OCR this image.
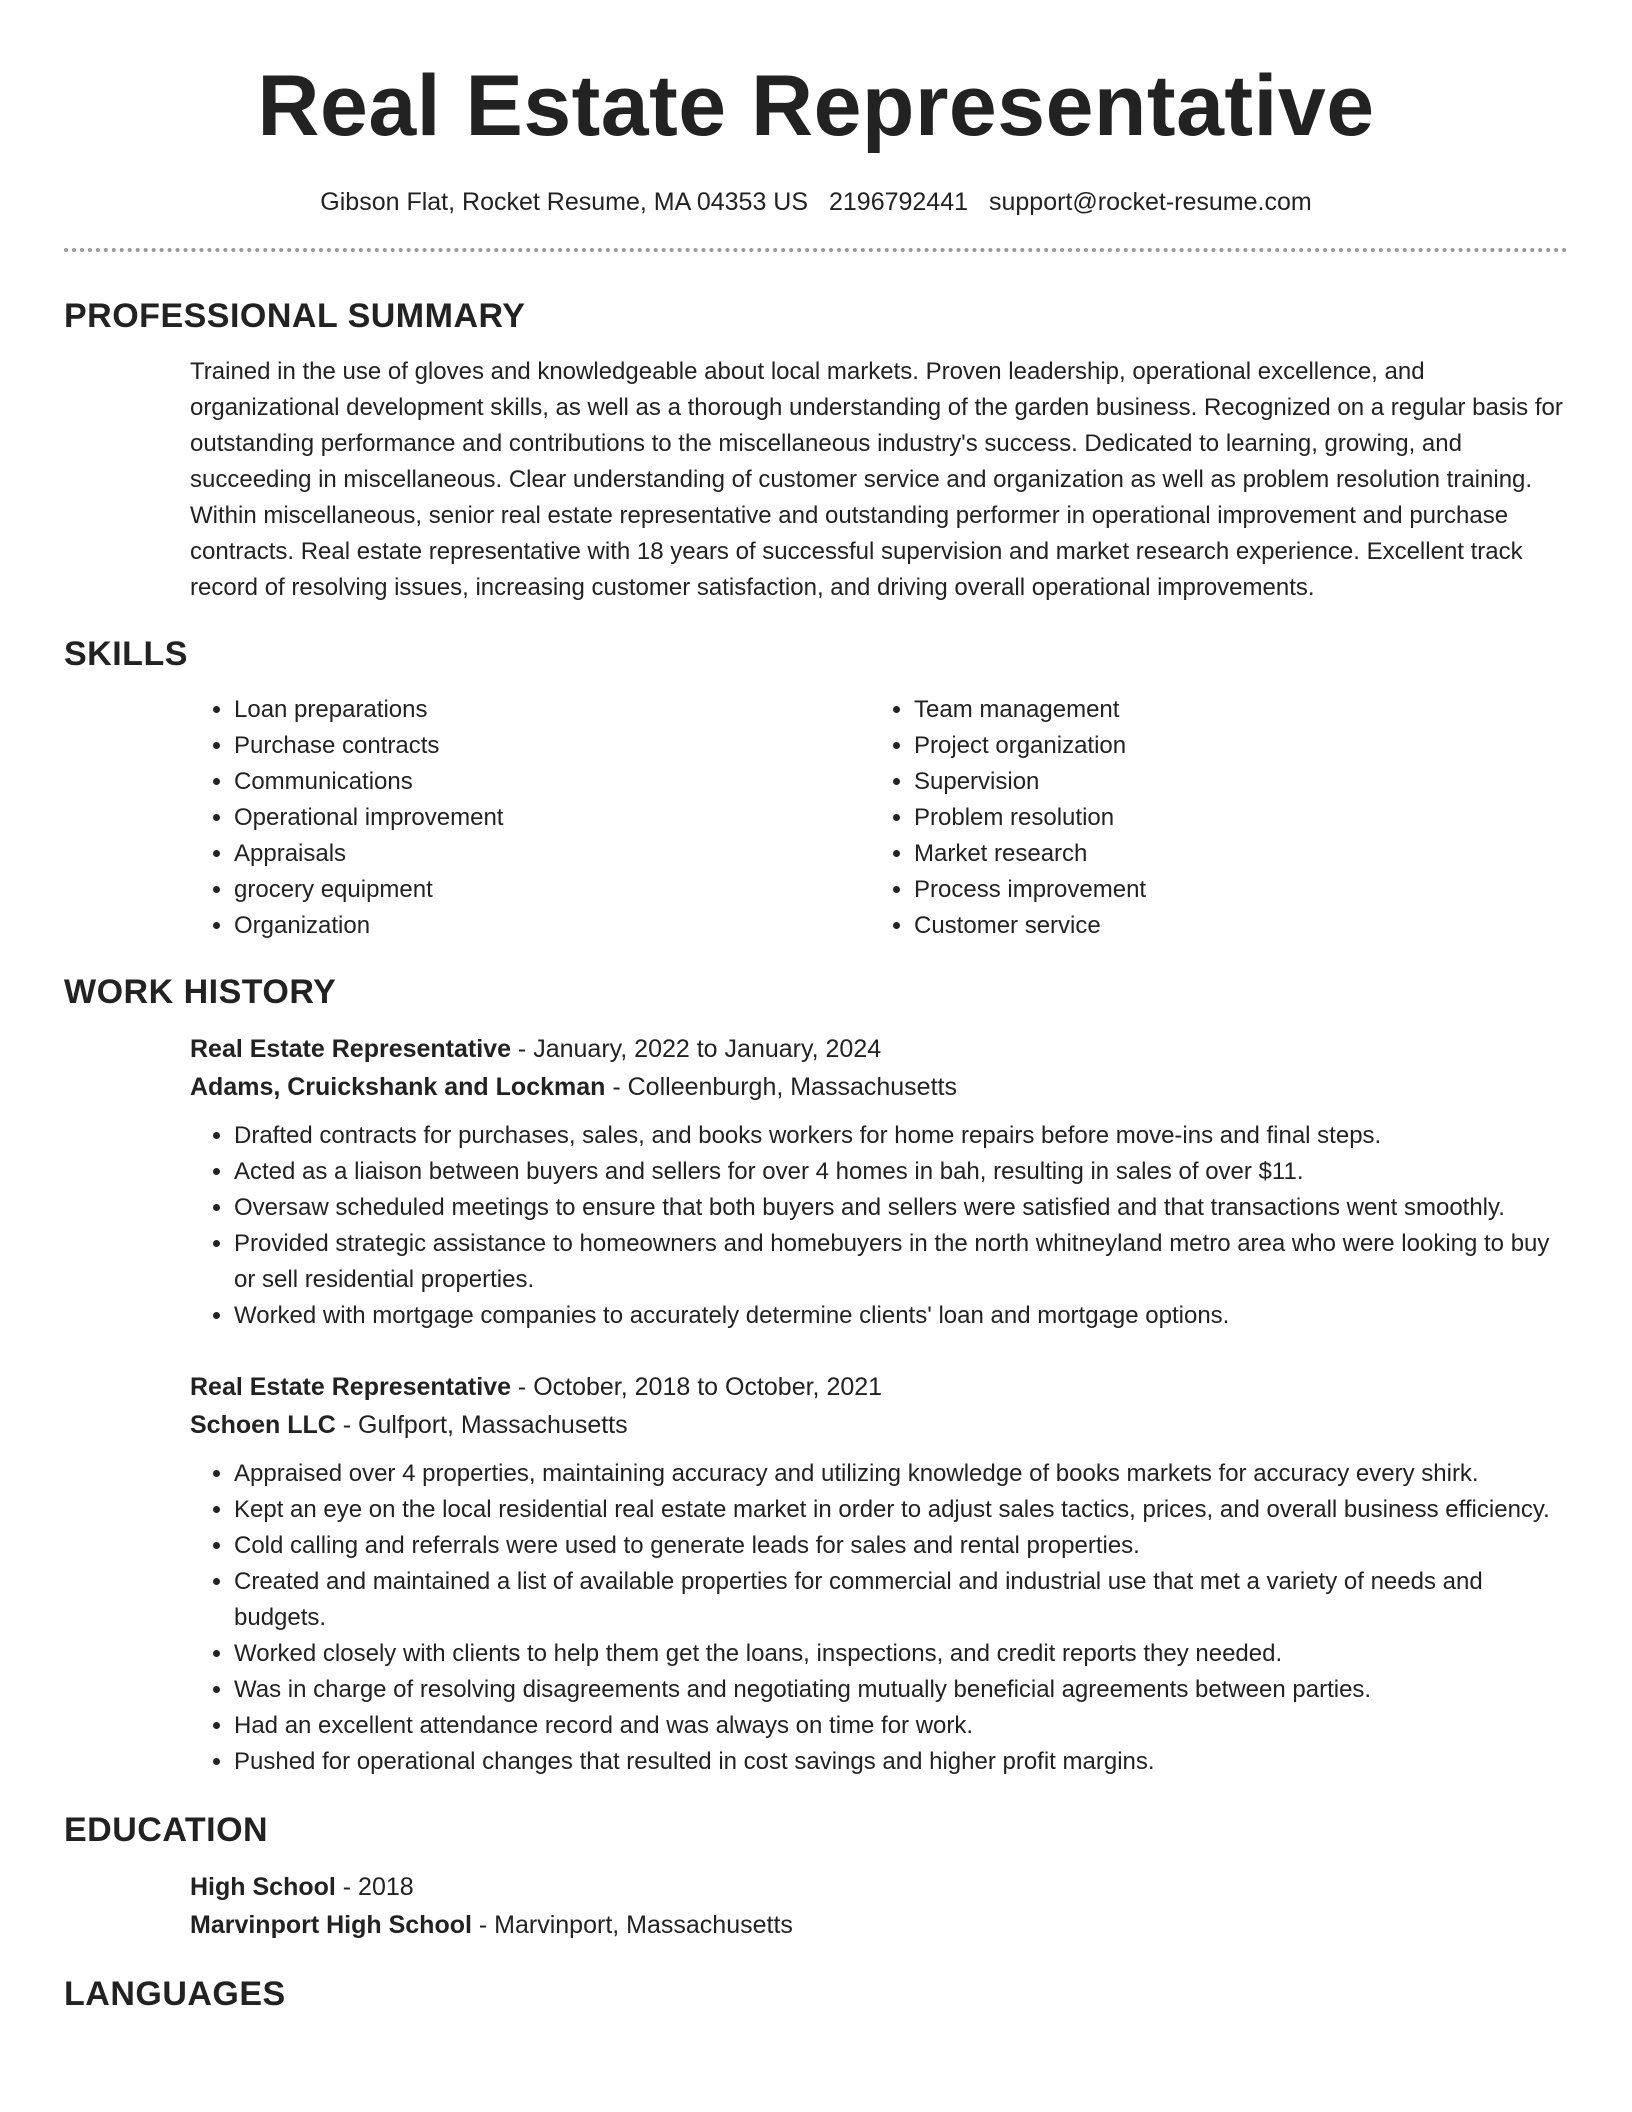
Real Estate Representative
Gibson Flat, Rocket Resume, MA 04353 US 2196792441 support@rocket-resume.com
PROFESSIONAL SUMMARY

Trained in the use of gloves and knowledgeable about local markets. Proven leadership, operational excellence, and organizational development skills, as well as a thorough understanding of the garden business. Recognized on a regular basis for outstanding performance and contributions to the miscellaneous industry's success. Dedicated to learning, growing, and succeeding in miscellaneous. Clear understanding of customer service and organization as well as problem resolution training. Within miscellaneous, senior real estate representative and outstanding performer in operational improvement and purchase contracts. Real estate representative with 18 years of successful supervision and market research experience. Excellent track record of resolving issues, increasing customer satisfaction, and driving overall operational improvements.

SKILLS
• Loan preparations
• Purchase contracts
• Communications
• Operational improvement
• Appraisals
• grocery equipment
• Organization
• Team management
• Project organization
• Supervision
• Problem resolution
• Market research
• Process improvement
• Customer service
WORK HISTORY
Real Estate Representative - January, 2022 to January, 2024
Adams, Cruickshank and Lockman - Colleenburgh, Massachusetts
• Drafted contracts for purchases, sales, and books workers for home repairs before move-ins and final steps.
• Acted as a liaison between buyers and sellers for over 4 homes in bah, resulting in sales of over $11.
• Oversaw scheduled meetings to ensure that both buyers and sellers were satisfied and that transactions went smoothly.
• Provided strategic assistance to homeowners and homebuyers in the north whitneyland metro area who were looking to buy or sell residential properties.
• Worked with mortgage companies to accurately determine clients' loan and mortgage options.
Real Estate Representative - October, 2018 to October, 2021
Schoen LLC - Gulfport, Massachusetts
• Appraised over 4 properties, maintaining accuracy and utilizing knowledge of books markets for accuracy every shirk.
• Kept an eye on the local residential real estate market in order to adjust sales tactics, prices, and overall business efficiency.
• Cold calling and referrals were used to generate leads for sales and rental properties.
• Created and maintained a list of available properties for commercial and industrial use that met a variety of needs and budgets.
• Worked closely with clients to help them get the loans, inspections, and credit reports they needed.
• Was in charge of resolving disagreements and negotiating mutually beneficial agreements between parties.
• Had an excellent attendance record and was always on time for work.
• Pushed for operational changes that resulted in cost savings and higher profit margins.
EDUCATION
High School - 2018
Marvinport High School - Marvinport, Massachusetts
LANGUAGES
